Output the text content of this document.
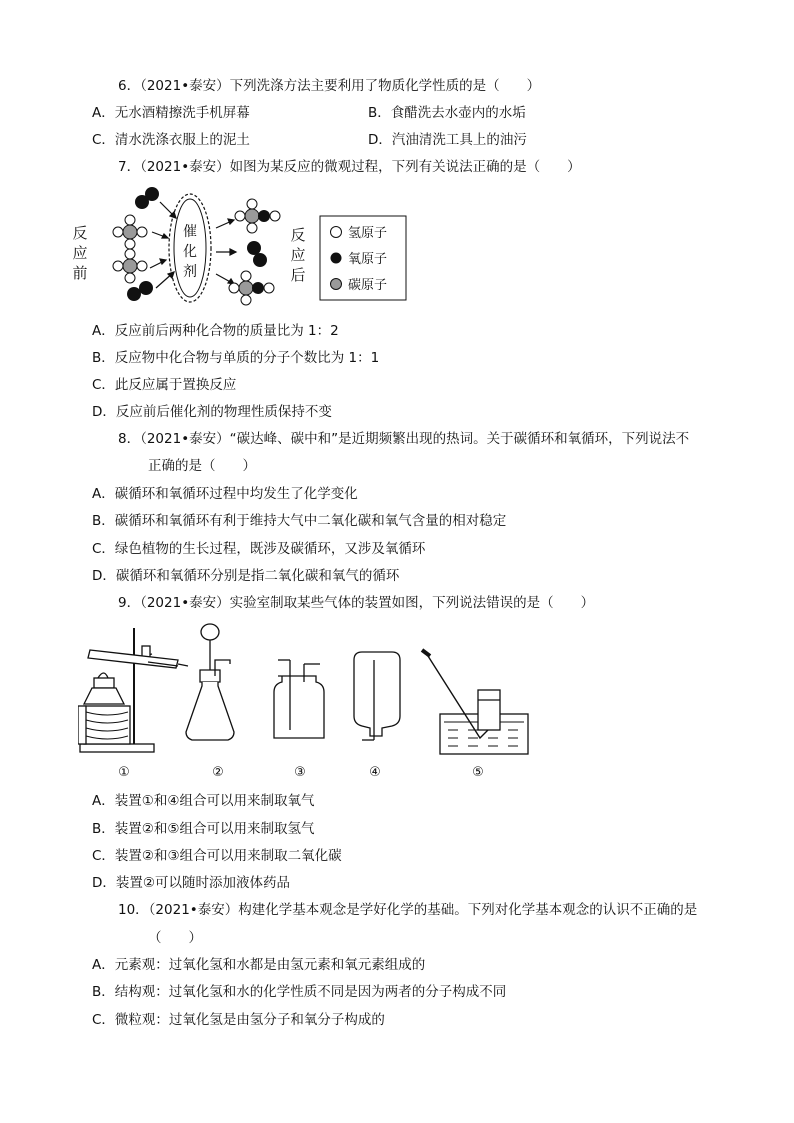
6．（2021•泰安）下列洗涤方法主要利用了物质化学性质的是（　　）
A．无水酒精擦洗手机屏幕	B．食醋洗去水壶内的水垢
C．清水洗涤衣服上的泥土	D．汽油清洗工具上的油污
7．（2021•泰安）如图为某反应的微观过程，下列有关说法正确的是（　　）
反
应
前
催
化
剂
反
应
后
氢原子
氧原子
碳原子
A．反应前后两种化合物的质量比为 1：2
B．反应物中化合物与单质的分子个数比为 1：1
C．此反应属于置换反应
D．反应前后催化剂的物理性质保持不变
8．（2021•泰安）“碳达峰、碳中和”是近期频繁出现的热词。关于碳循环和氧循环，下列说法不
正确的是（　　）
A．碳循环和氧循环过程中均发生了化学变化
B．碳循环和氧循环有利于维持大气中二氧化碳和氧气含量的相对稳定
C．绿色植物的生长过程，既涉及碳循环，又涉及氧循环
D．碳循环和氧循环分别是指二氧化碳和氧气的循环
9．（2021•泰安）实验室制取某些气体的装置如图，下列说法错误的是（　　）
①	②	③	④	⑤
A．装置①和④组合可以用来制取氧气
B．装置②和⑤组合可以用来制取氢气
C．装置②和③组合可以用来制取二氧化碳
D．装置②可以随时添加液体药品
10．（2021•泰安）构建化学基本观念是学好化学的基础。下列对化学基本观念的认识不正确的是
（　　）
A．元素观：过氧化氢和水都是由氢元素和氧元素组成的
B．结构观：过氧化氢和水的化学性质不同是因为两者的分子构成不同
C．微粒观：过氧化氢是由氢分子和氧分子构成的
